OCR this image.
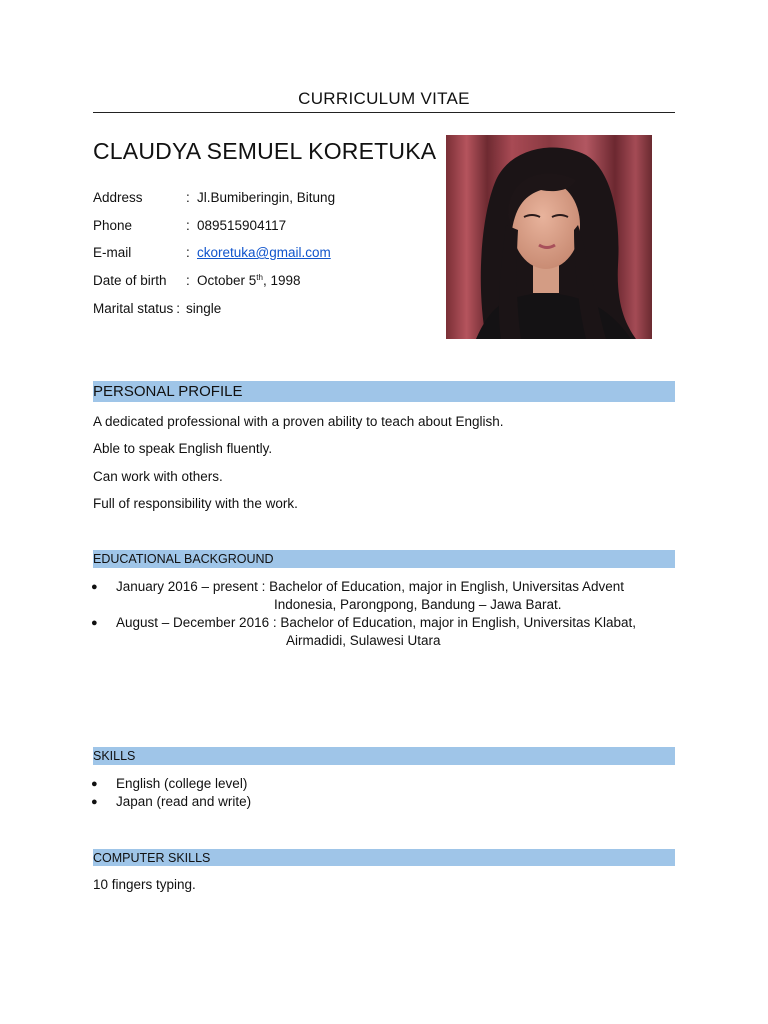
CURRICULUM VITAE
CLAUDYA SEMUEL KORETUKA
Address	: Jl.Bumiberingin, Bitung
Phone	: 089515904117
E-mail	: ckoretuka@gmail.com
Date of birth : October 5th, 1998
Marital status : single
PERSONAL PROFILE
A dedicated professional with a proven ability to teach about English.
Able to speak English fluently.
Can work with others.
Full of responsibility with the work.
EDUCATIONAL BACKGROUND
● January 2016 – present : Bachelor of Education, major in English, Universitas Advent
Indonesia, Parongpong, Bandung – Jawa Barat.
● August – December 2016 : Bachelor of Education, major in English, Universitas Klabat,
Airmadidi, Sulawesi Utara
SKILLS
● English (college level)
● Japan (read and write)
COMPUTER SKILLS
10 fingers typing.
